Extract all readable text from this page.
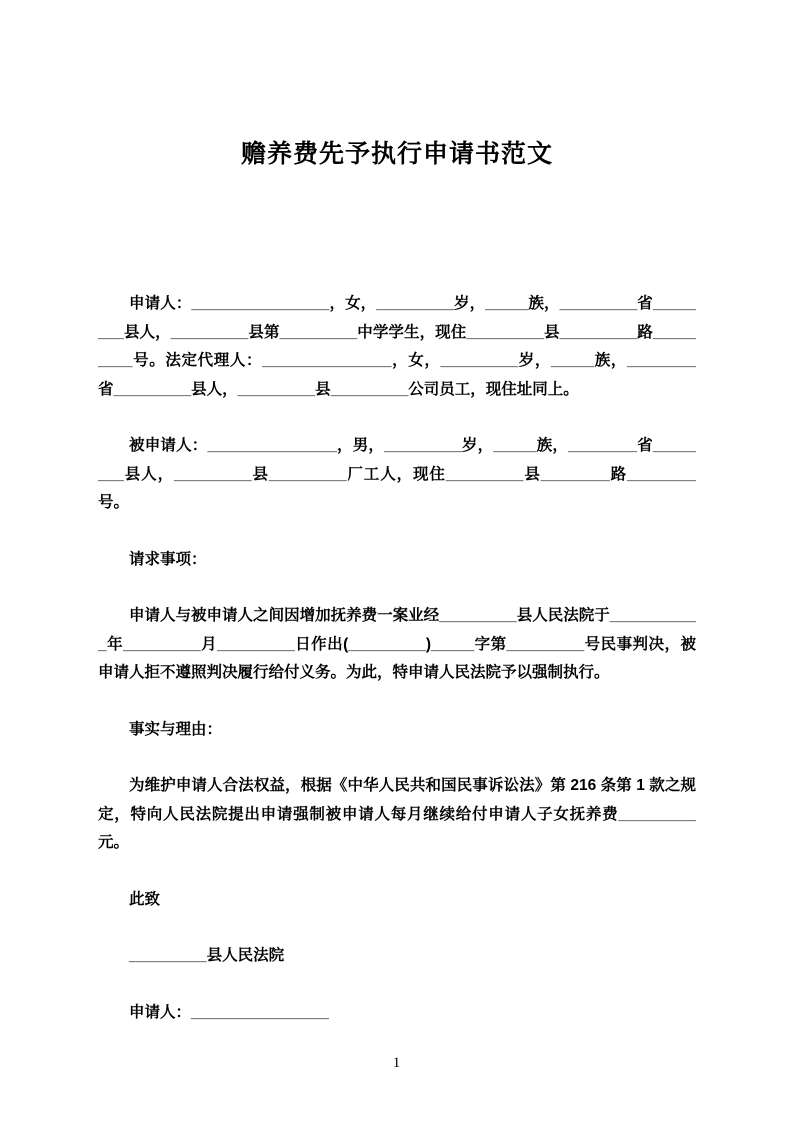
赡养费先予执行申请书范文

申请人：________________，女，_________岁，_____族，_________省________县人，_________县第_________中学学生，现住_________县_________路_________号。法定代理人：_______________，女，_________岁，_____族，________省_________县人，_________县_________公司员工，现住址同上。

被申请人：_______________，男，_________岁，_____族，________省________县人，_________县_________厂工人，现住_________县________路________号。

请求事项：

申请人与被申请人之间因增加抚养费一案业经_________县人民法院于___________年_________月_________日作出(_________)_____字第_________号民事判决，被申请人拒不遵照判决履行给付义务。为此，特申请人民法院予以强制执行。

事实与理由：

为维护申请人合法权益，根据《中华人民共和国民事诉讼法》第 216 条第 1 款之规定，特向人民法院提出申请强制被申请人每月继续给付申请人子女抚养费_________元。

此致

_________县人民法院

申请人：________________

1
